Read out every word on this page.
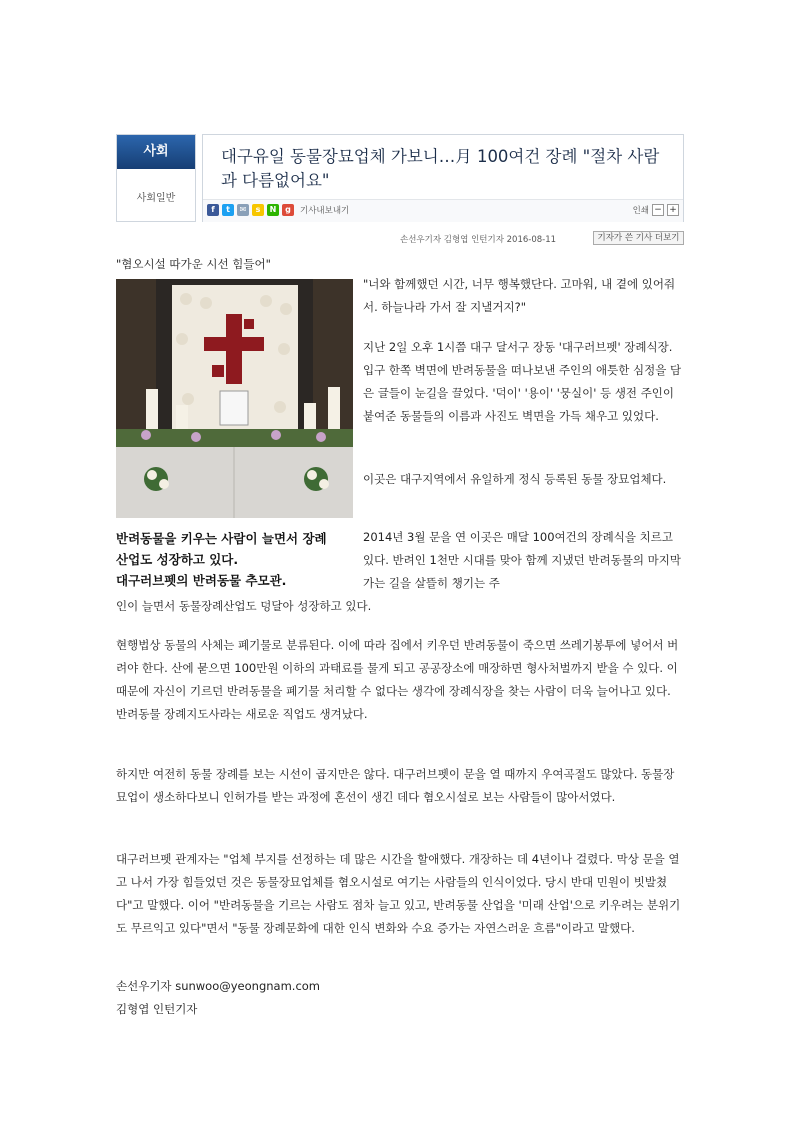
사회
사회일반
대구유일 동물장묘업체 가보니…月 100여건 장례 "절차 사람과 다름없어요"
f	t	✉	s	N	g	기사내보내기	인쇄 − +
손선우기자 김형엽 인턴기자 2016-08-11	기자가 쓴 기사 더보기

"혐오시설 따가운 시선 힘들어"

"너와 함께했던 시간, 너무 행복했단다. 고마워, 내 곁에 있어줘서. 하늘나라 가서 잘 지낼거지?"

지난 2일 오후 1시쯤 대구 달서구 장동 '대구러브펫' 장례식장. 입구 한쪽 벽면에 반려동물을 떠나보낸 주인의 애틋한 심정을 담은 글들이 눈길을 끌었다. '덕이' '용이' '뭉실이' 등 생전 주인이 붙여준 동물들의 이름과 사진도 벽면을 가득 채우고 있었다.

이곳은 대구지역에서 유일하게 정식 등록된 동물 장묘업체다.

반려동물을 키우는 사람이 늘면서 장례
산업도 성장하고 있다.
대구러브펫의 반려동물 추모관.

2014년 3월 문을 연 이곳은 매달 100여건의 장례식을 치르고 있다. 반려인 1천만 시대를 맞아 함께 지냈던 반려동물의 마지막 가는 길을 살뜰히 챙기는 주

인이 늘면서 동물장례산업도 덩달아 성장하고 있다.

현행법상 동물의 사체는 폐기물로 분류된다. 이에 따라 집에서 키우던 반려동물이 죽으면 쓰레기봉투에 넣어서 버려야 한다. 산에 묻으면 100만원 이하의 과태료를 물게 되고 공공장소에 매장하면 형사처벌까지 받을 수 있다. 이 때문에 자신이 기르던 반려동물을 폐기물 처리할 수 없다는 생각에 장례식장을 찾는 사람이 더욱 늘어나고 있다. 반려동물 장례지도사라는 새로운 직업도 생겨났다.

하지만 여전히 동물 장례를 보는 시선이 곱지만은 않다. 대구러브펫이 문을 열 때까지 우여곡절도 많았다. 동물장묘업이 생소하다보니 인허가를 받는 과정에 혼선이 생긴 데다 혐오시설로 보는 사람들이 많아서였다.

대구러브펫 관계자는 "업체 부지를 선정하는 데 많은 시간을 할애했다. 개장하는 데 4년이나 걸렸다. 막상 문을 열고 나서 가장 힘들었던 것은 동물장묘업체를 혐오시설로 여기는 사람들의 인식이었다. 당시 반대 민원이 빗발쳤다"고 말했다. 이어 "반려동물을 기르는 사람도 점차 늘고 있고, 반려동물 산업을 '미래 산업'으로 키우려는 분위기도 무르익고 있다"면서 "동물 장례문화에 대한 인식 변화와 수요 증가는 자연스러운 흐름"이라고 말했다.

손선우기자 sunwoo@yeongnam.com

김형엽 인턴기자
